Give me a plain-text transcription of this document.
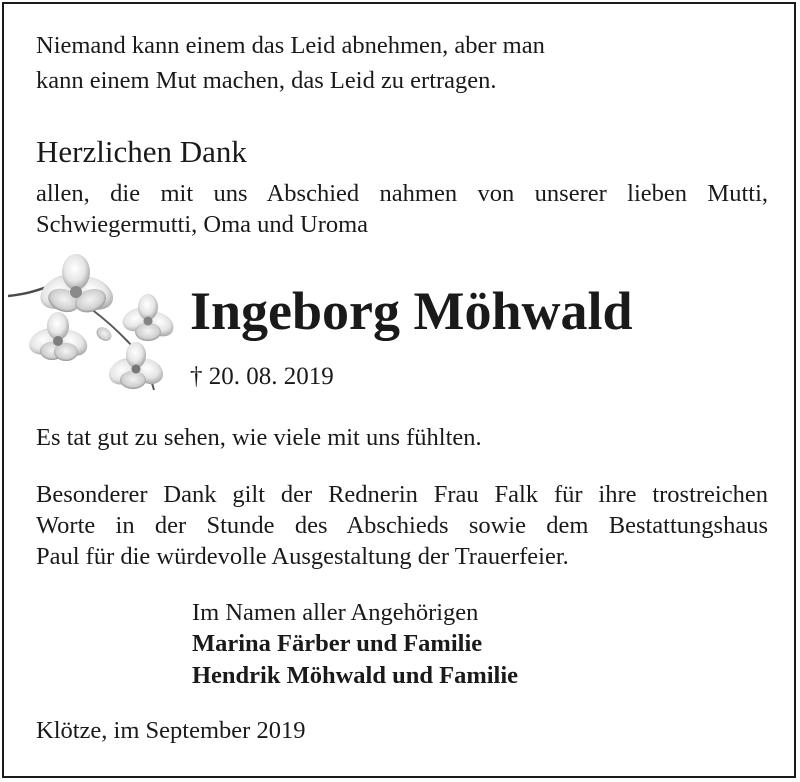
Niemand kann einem das Leid abnehmen, aber man
kann einem Mut machen, das Leid zu ertragen.
Herzlichen Dank
allen, die mit uns Abschied nahmen von unserer lieben Mutti,
Schwiegermutti, Oma und Uroma
Ingeborg Möhwald
† 20. 08. 2019
Es tat gut zu sehen, wie viele mit uns fühlten.
Besonderer Dank gilt der Rednerin Frau Falk für ihre trostreichen
Worte in der Stunde des Abschieds sowie dem Bestattungshaus
Paul für die würdevolle Ausgestaltung der Trauerfeier.
Im Namen aller Angehörigen
Marina Färber und Familie
Hendrik Möhwald und Familie
Klötze, im September 2019
